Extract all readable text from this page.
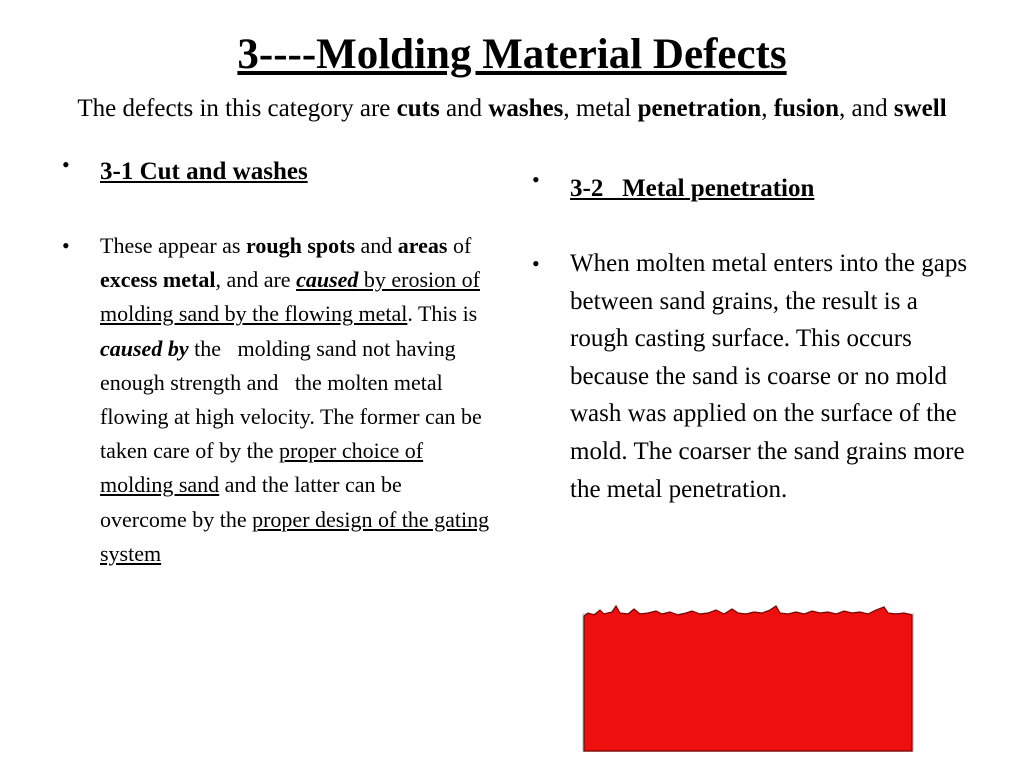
3----Molding Material Defects
The defects in this category are cuts and washes, metal penetration, fusion, and swell
•	3-1 Cut and washes
•	These appear as rough spots and areas of excess metal, and are caused by erosion of molding sand by the flowing metal. This is caused by the   molding sand not having enough strength and   the molten metal flowing at high velocity. The former can be taken care of by the proper choice of molding sand and the latter can be overcome by the proper design of the gating system
•	3-2   Metal penetration
•	When molten metal enters into the gaps between sand grains, the result is a rough casting surface. This occurs because the sand is coarse or no mold wash was applied on the surface of the mold. The coarser the sand grains more the metal penetration.
